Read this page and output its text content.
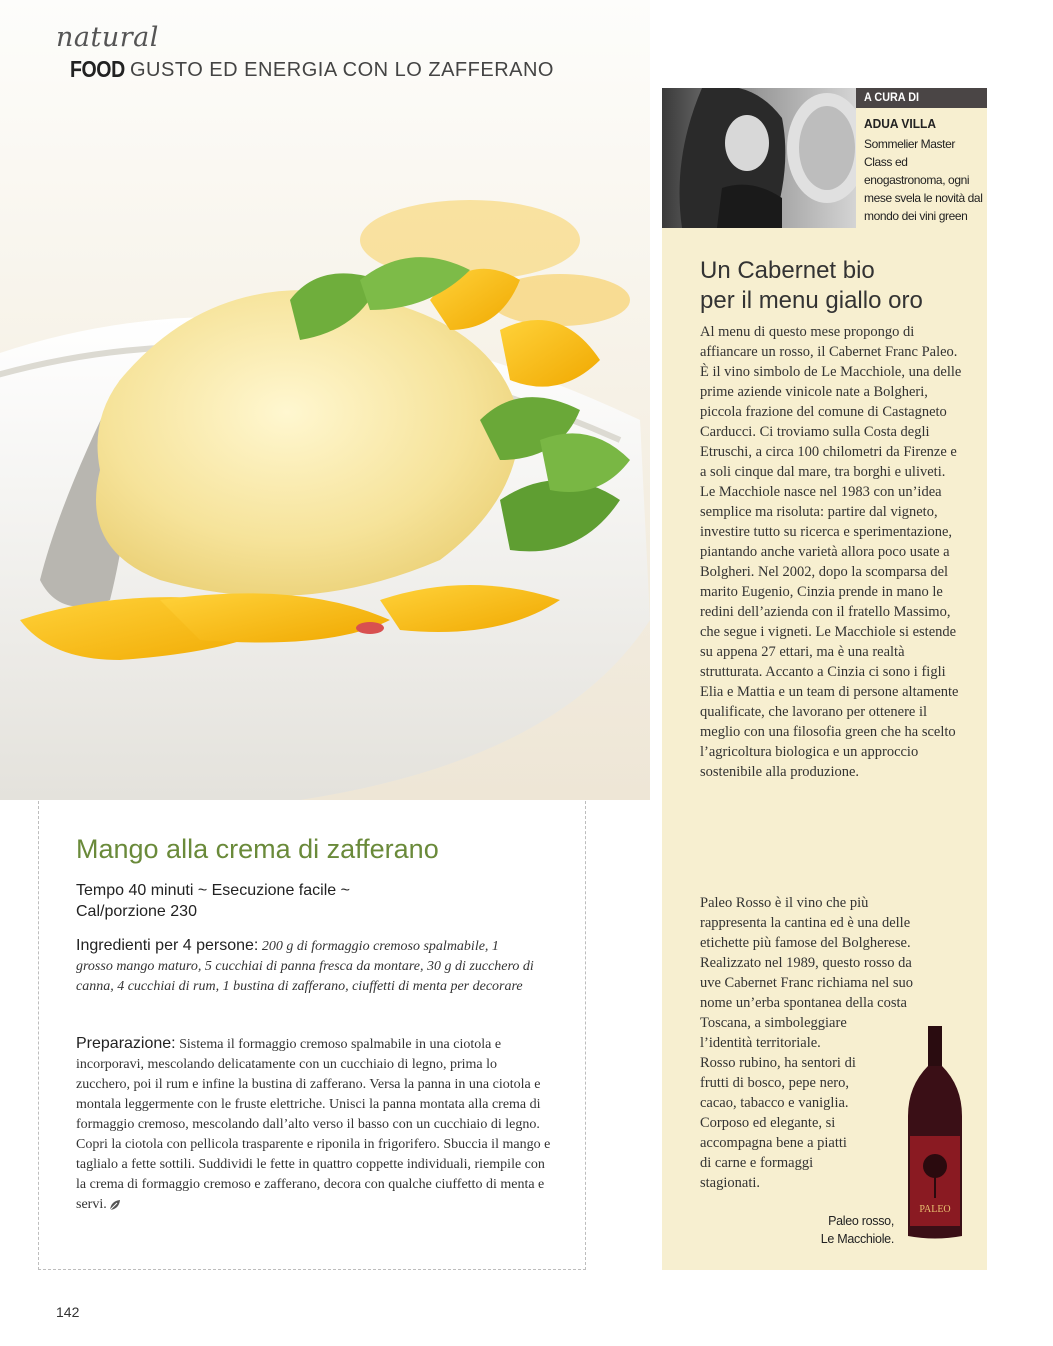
natural
FOOD GUSTO ED ENERGIA CON LO ZAFFERANO
Mango alla crema di zafferano
Tempo 40 minuti ~ Esecuzione facile ~
Cal/porzione 230
Ingredienti per 4 persone: 200 g di formaggio cremoso spalmabile, 1 grosso mango maturo, 5 cucchiai di panna fresca da montare, 30 g di zucchero di canna, 4 cucchiai di rum, 1 bustina di zafferano, ciuffetti di menta per decorare
Preparazione: Sistema il formaggio cremoso spalmabile in una ciotola e incorporavi, mescolando delicatamente con un cucchiaio di legno, prima lo zucchero, poi il rum e infine la bustina di zafferano. Versa la panna in una ciotola e montala leggermente con le fruste elettriche. Unisci la panna montata alla crema di formaggio cremoso, mescolando dall’alto verso il basso con un cucchiaio di legno. Copri la ciotola con pellicola trasparente e riponila in frigorifero. Sbuccia il mango e taglialo a fette sottili. Suddividi le fette in quattro coppette individuali, riempile con la crema di formaggio cremoso e zafferano, decora con qualche ciuffetto di menta e servi.
142
A CURA DI
ADUA VILLA
Sommelier Master Class ed enogastronoma, ogni mese svela le novità dal mondo dei vini green
Un Cabernet bio
per il menu giallo oro
Al menu di questo mese propongo di affiancare un rosso, il Cabernet Franc Paleo. È il vino simbolo de Le Macchiole, una delle prime aziende vinicole nate a Bolgheri, piccola frazione del comune di Castagneto Carducci. Ci troviamo sulla Costa degli Etruschi, a circa 100 chilometri da Firenze e a soli cinque dal mare, tra borghi e uliveti. Le Macchiole nasce nel 1983 con un’idea semplice ma risoluta: partire dal vigneto, investire tutto su ricerca e sperimentazione, piantando anche varietà allora poco usate a Bolgheri. Nel 2002, dopo la scomparsa del marito Eugenio, Cinzia prende in mano le redini dell’azienda con il fratello Massimo, che segue i vigneti. Le Macchiole si estende su appena 27 ettari, ma è una realtà strutturata. Accanto a Cinzia ci sono i figli Elia e Mattia e un team di persone altamente qualificate, che lavorano per ottenere il meglio con una filosofia green che ha scelto l’agricoltura biologica e un approccio sostenibile alla produzione.
Paleo Rosso è il vino che più
rappresenta la cantina ed è una delle
etichette più famose del Bolgherese.
Realizzato nel 1989, questo rosso da
uve Cabernet Franc richiama nel suo
nome un’erba spontanea della costa
Toscana, a simboleggiare
l’identità territoriale.
Rosso rubino, ha sentori di
frutti di bosco, pepe nero,
cacao, tabacco e vaniglia.
Corposo ed elegante, si
accompagna bene a piatti
di carne e formaggi
stagionati.
PALEO
Paleo rosso,
Le Macchiole.
